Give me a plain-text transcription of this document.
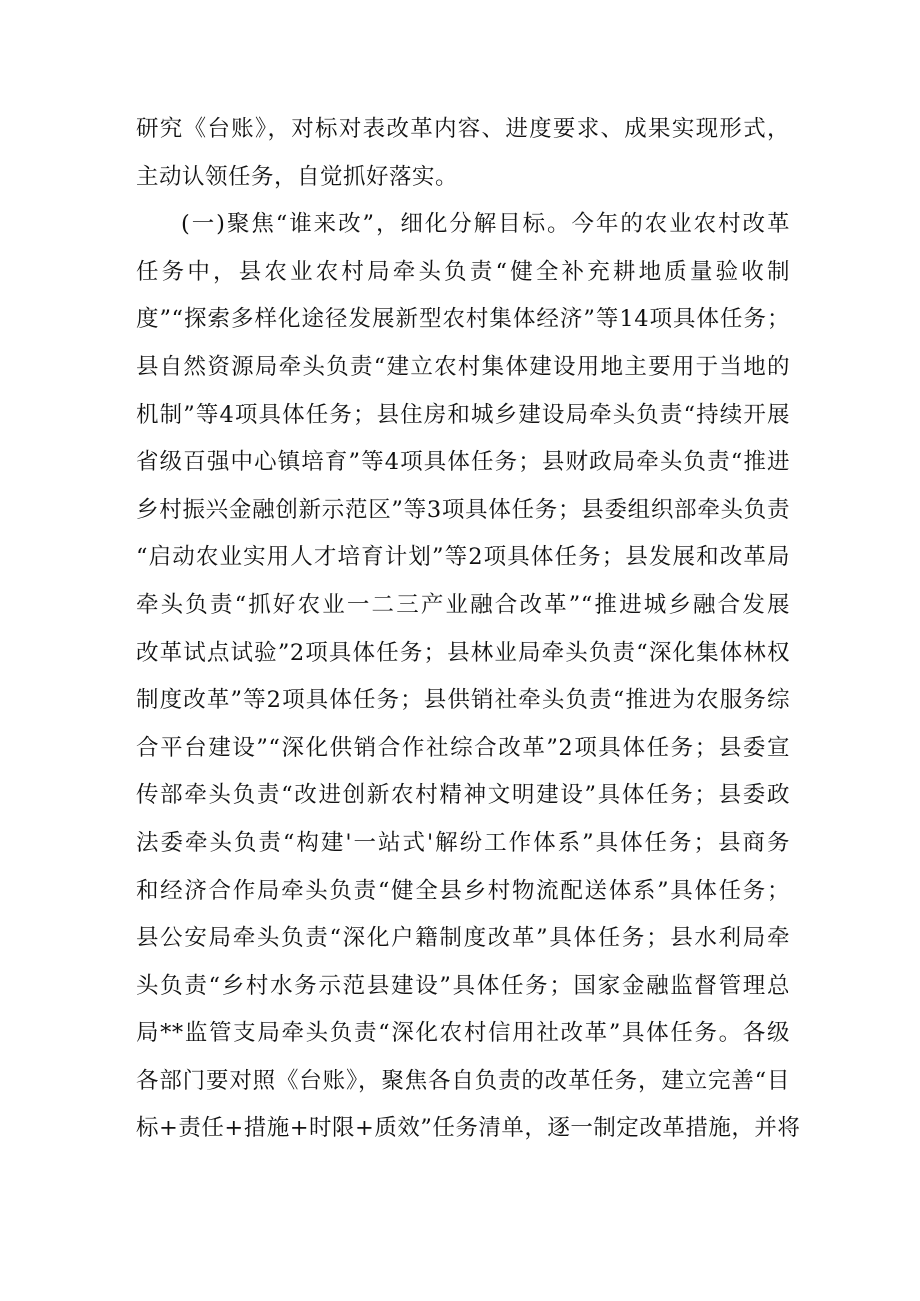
研究《台账》，对标对表改革内容、进度要求、成果实现形式，
主动认领任务，自觉抓好落实。
(一)聚焦“谁来改”，细化分解目标。今年的农业农村改革
任务中，县农业农村局牵头负责“健全补充耕地质量验收制
度”“探索多样化途径发展新型农村集体经济”等14项具体任务；
县自然资源局牵头负责“建立农村集体建设用地主要用于当地的
机制”等4项具体任务；县住房和城乡建设局牵头负责“持续开展
省级百强中心镇培育”等4项具体任务；县财政局牵头负责“推进
乡村振兴金融创新示范区”等3项具体任务；县委组织部牵头负责
“启动农业实用人才培育计划”等2项具体任务；县发展和改革局
牵头负责“抓好农业一二三产业融合改革”“推进城乡融合发展
改革试点试验”2项具体任务；县林业局牵头负责“深化集体林权
制度改革”等2项具体任务；县供销社牵头负责“推进为农服务综
合平台建设”“深化供销合作社综合改革”2项具体任务；县委宣
传部牵头负责“改进创新农村精神文明建设”具体任务；县委政
法委牵头负责“构建'一站式'解纷工作体系”具体任务；县商务
和经济合作局牵头负责“健全县乡村物流配送体系”具体任务；
县公安局牵头负责“深化户籍制度改革”具体任务；县水利局牵
头负责“乡村水务示范县建设”具体任务；国家金融监督管理总
局**监管支局牵头负责“深化农村信用社改革”具体任务。各级
各部门要对照《台账》，聚焦各自负责的改革任务，建立完善“目
标+责任+措施+时限+质效”任务清单，逐一制定改革措施，并将
